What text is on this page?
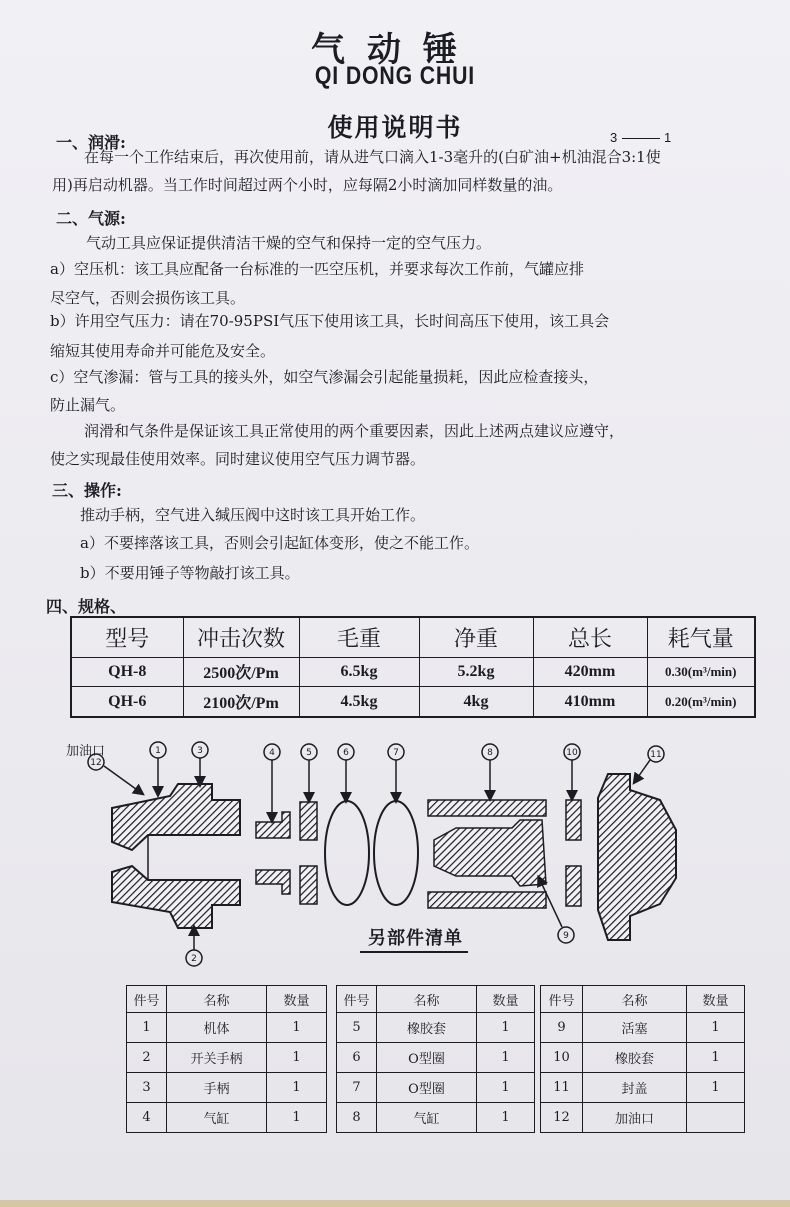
气动锤
QI DONG CHUI
使用说明书
一、润滑:	3	1
在每一个工作结束后，再次使用前，请从进气口滴入1-3毫升的(白矿油+机油混合3:1使
用)再启动机器。当工作时间超过两个小时，应每隔2小时滴加同样数量的油。
二、气源:
气动工具应保证提供清洁干燥的空气和保持一定的空气压力。
a）空压机：该工具应配备一台标准的一匹空压机，并要求每次工作前，气罐应排
尽空气，否则会损伤该工具。
b）许用空气压力：请在70-95PSI气压下使用该工具，长时间高压下使用，该工具会
缩短其使用寿命并可能危及安全。
c）空气渗漏：管与工具的接头外，如空气渗漏会引起能量损耗，因此应检查接头，
防止漏气。
润滑和气条件是保证该工具正常使用的两个重要因素，因此上述两点建议应遵守，
使之实现最佳使用效率。同时建议使用空气压力调节器。
三、操作:
推动手柄，空气进入缄压阀中这时该工具开始工作。
a）不要摔落该工具，否则会引起缸体变形，使之不能工作。
b）不要用锤子等物敲打该工具。
四、规格、
型号	冲击次数	毛重	净重	总长	耗气量
QH-8	2500次/Pm	6.5kg	5.2kg	420mm	0.30(m³/min)
QH-6	2100次/Pm	4.5kg	4kg	410mm	0.20(m³/min)
加油口	1
2
3	4	5	6	7	8
9
10	11
12
另部件清单
件号	名称	数量
1	机体	1
2	开关手柄	1
3	手柄	1
4	气缸	1
件号	名称	数量
5	橡胶套	1
6	O型圈	1
7	O型圈	1
8	气缸	1
件号	名称	数量
9	活塞	1
10	橡胶套	1
11	封盖	1
12	加油口	
